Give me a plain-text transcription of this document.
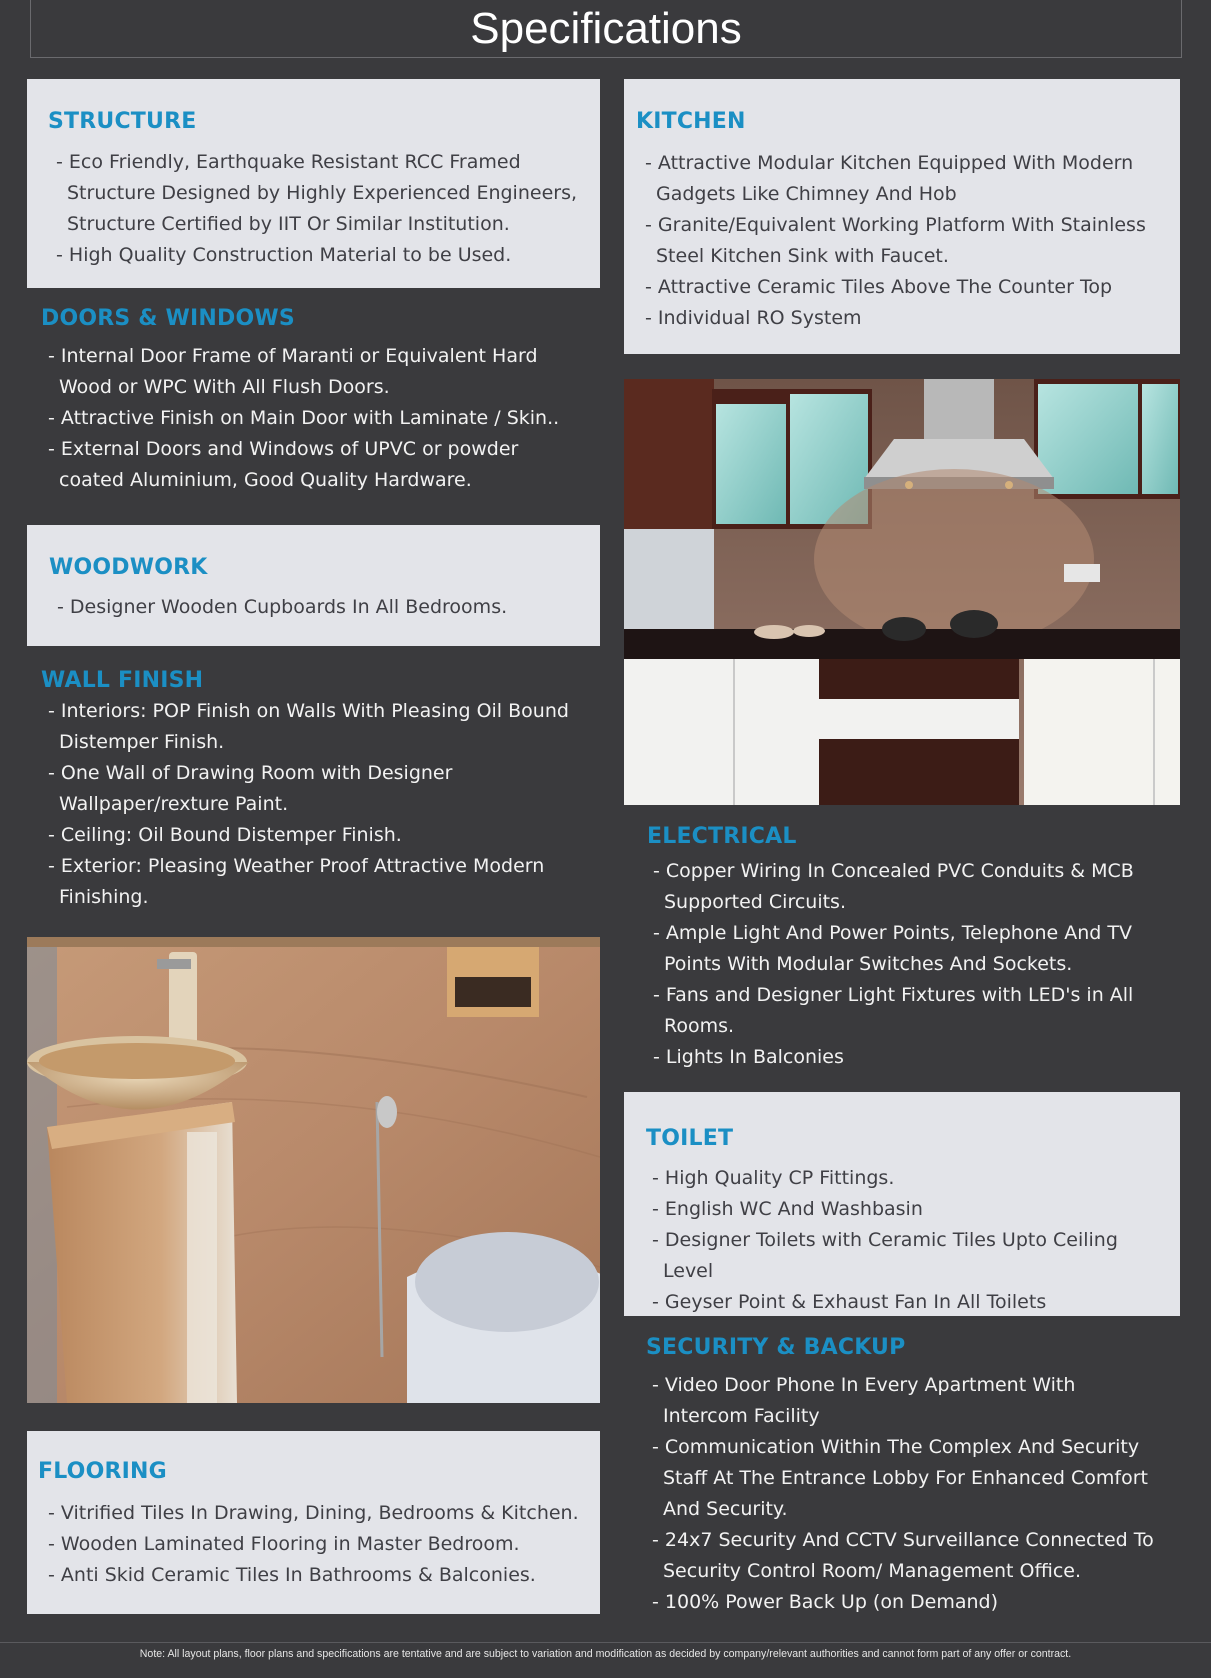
Specifications
STRUCTURE
- Eco Friendly, Earthquake Resistant RCC Framed Structure Designed by Highly Experienced Engineers, Structure Certified by IIT Or Similar Institution.
- High Quality Construction Material to be Used.
DOORS & WINDOWS
- Internal Door Frame of Maranti or Equivalent Hard Wood or WPC With All Flush Doors.
- Attractive Finish on Main Door with Laminate / Skin..
- External Doors and Windows of UPVC or powder coated Aluminium, Good Quality Hardware.
WOODWORK
- Designer Wooden Cupboards In All Bedrooms.
WALL FINISH
- Interiors: POP Finish on Walls With Pleasing Oil Bound Distemper Finish.
- One Wall of Drawing Room with Designer Wallpaper/rexture Paint.
- Ceiling: Oil Bound Distemper Finish.
- Exterior: Pleasing Weather Proof Attractive Modern Finishing.
FLOORING
- Vitrified Tiles In Drawing, Dining, Bedrooms & Kitchen.
- Wooden Laminated Flooring in Master Bedroom.
- Anti Skid Ceramic Tiles In Bathrooms & Balconies.
KITCHEN
- Attractive Modular Kitchen Equipped With Modern Gadgets Like Chimney And Hob
- Granite/Equivalent Working Platform With Stainless Steel Kitchen Sink with Faucet.
- Attractive Ceramic Tiles Above The Counter Top
- Individual RO System
ELECTRICAL
- Copper Wiring In Concealed PVC Conduits & MCB Supported Circuits.
- Ample Light And Power Points, Telephone And TV Points With Modular Switches And Sockets.
- Fans and Designer Light Fixtures with LED's in All Rooms.
- Lights In Balconies
TOILET
- High Quality CP Fittings.
- English WC And Washbasin
- Designer Toilets with Ceramic Tiles Upto Ceiling Level
- Geyser Point & Exhaust Fan In All Toilets
SECURITY & BACKUP
- Video Door Phone In Every Apartment With Intercom Facility
- Communication Within The Complex And Security Staff At The Entrance Lobby For Enhanced Comfort And Security.
- 24x7 Security And CCTV Surveillance Connected To Security Control Room/ Management Office.
- 100% Power Back Up (on Demand)
Note: All layout plans, floor plans and specifications are tentative and are subject to variation and modification as decided by company/relevant authorities and cannot form part of any offer or contract.
